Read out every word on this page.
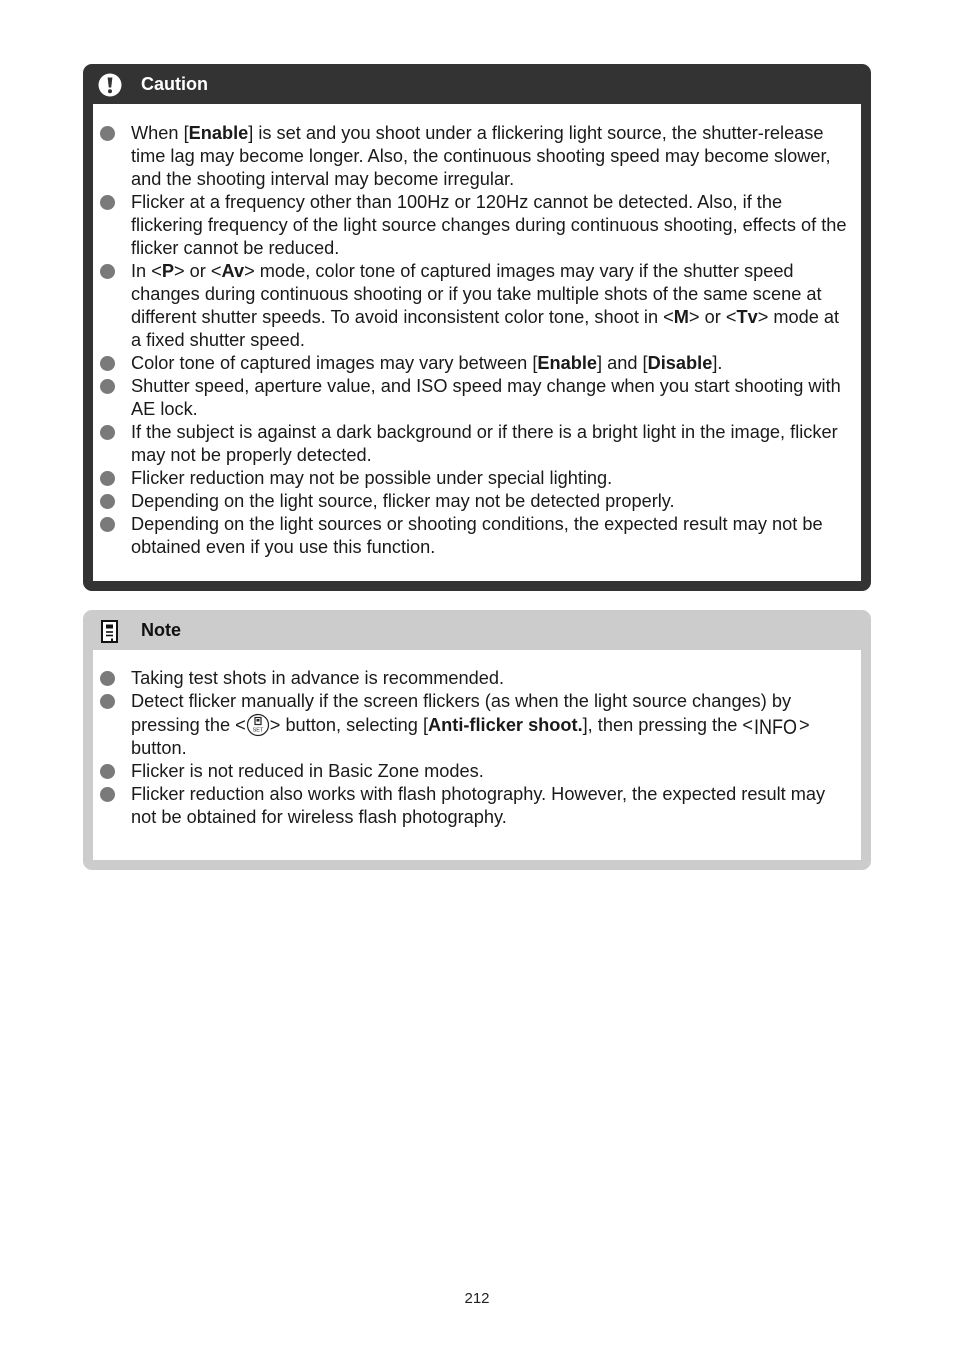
Caution
When [Enable] is set and you shoot under a flickering light source, the shutter-release time lag may become longer. Also, the continuous shooting speed may become slower, and the shooting interval may become irregular.
Flicker at a frequency other than 100Hz or 120Hz cannot be detected. Also, if the flickering frequency of the light source changes during continuous shooting, effects of the flicker cannot be reduced.
In <P> or <Av> mode, color tone of captured images may vary if the shutter speed changes during continuous shooting or if you take multiple shots of the same scene at different shutter speeds. To avoid inconsistent color tone, shoot in <M> or <Tv> mode at a fixed shutter speed.
Color tone of captured images may vary between [Enable] and [Disable].
Shutter speed, aperture value, and ISO speed may change when you start shooting with AE lock.
If the subject is against a dark background or if there is a bright light in the image, flicker may not be properly detected.
Flicker reduction may not be possible under special lighting.
Depending on the light source, flicker may not be detected properly.
Depending on the light sources or shooting conditions, the expected result may not be obtained even if you use this function.
Note
Taking test shots in advance is recommended.
Detect flicker manually if the screen flickers (as when the light source changes) by pressing the < SET > button, selecting [Anti-flicker shoot.], then pressing the < INFO > button.
Flicker is not reduced in Basic Zone modes.
Flicker reduction also works with flash photography. However, the expected result may not be obtained for wireless flash photography.
212
